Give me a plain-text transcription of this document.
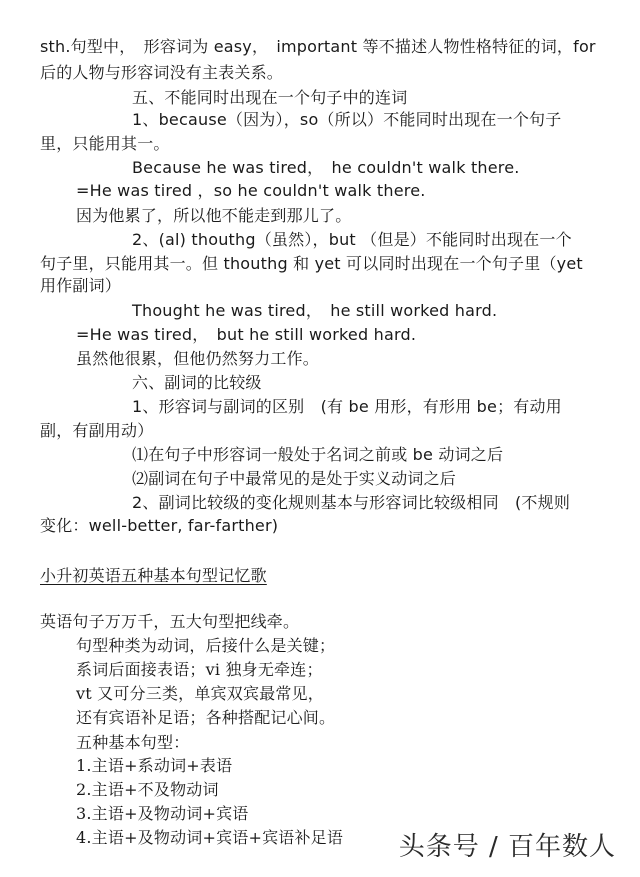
sth.句型中，　形容词为 easy，　important 等不描述人物性格特征的词，for
后的人物与形容词没有主表关系。
五、不能同时出现在一个句子中的连词
1、because（因为），so（所以）不能同时出现在一个句子
里，只能用其一。
Because he was tired，　he couldn't walk there.
=He was tired ，so he couldn't walk there.
因为他累了，所以他不能走到那儿了。
2、(al) thouthg（虽然），but （但是）不能同时出现在一个
句子里，只能用其一。但 thouthg 和 yet 可以同时出现在一个句子里（yet
用作副词）
Thought he was tired，　he still worked hard.
=He was tired，　but he still worked hard.
虽然他很累，但他仍然努力工作。
六、副词的比较级
1、形容词与副词的区别　(有 be 用形，有形用 be；有动用
副，有副用动）
⑴在句子中形容词一般处于名词之前或 be 动词之后
⑵副词在句子中最常见的是处于实义动词之后
2、副词比较级的变化规则基本与形容词比较级相同　(不规则
变化：well-better, far-farther)
小升初英语五种基本句型记忆歌
英语句子万万千，五大句型把线牵。
句型种类为动词，后接什么是关键；
系词后面接表语；vi 独身无牵连；
vt 又可分三类，单宾双宾最常见，
还有宾语补足语；各种搭配记心间。
五种基本句型：
1.主语+系动词+表语
2.主语+不及物动词
3.主语+及物动词+宾语
4.主语+及物动词+宾语+宾语补足语 头条号 / 百年数人
